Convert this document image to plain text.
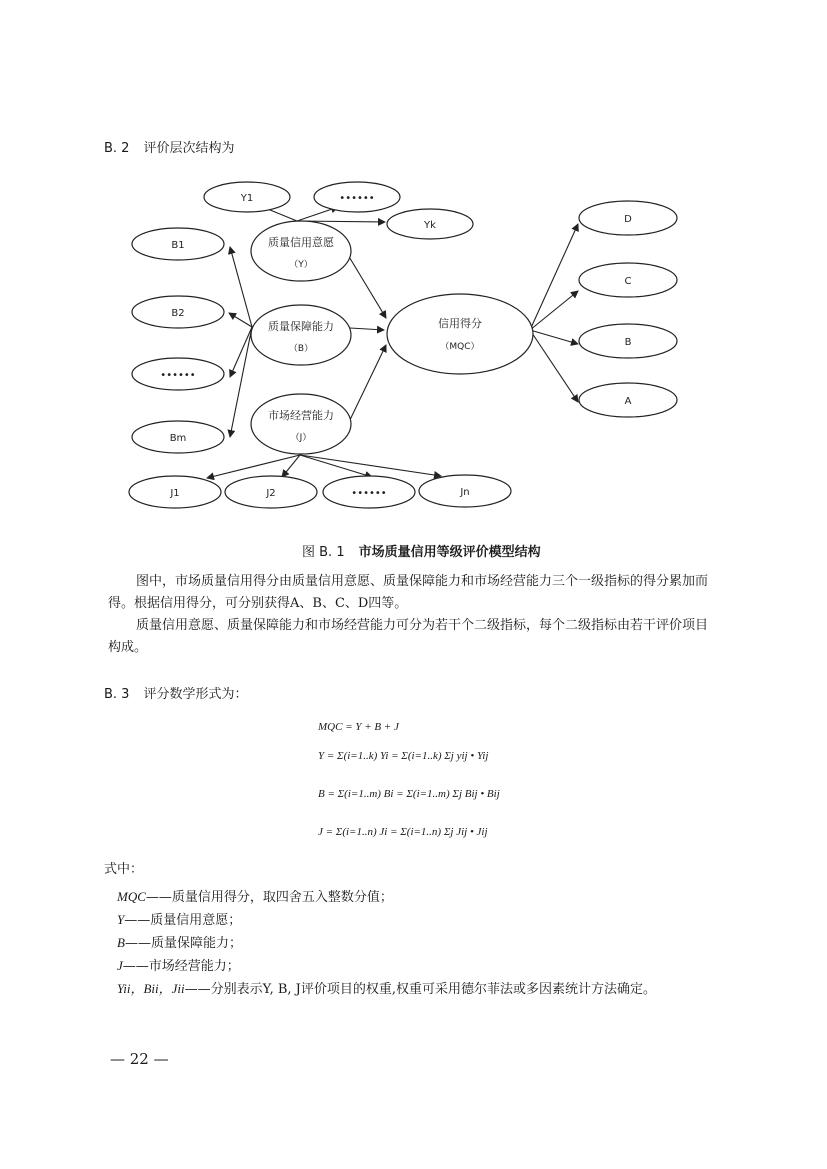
B. 2 评价层次结构为
Y1	••••••
Yk
B1
B2
••••••
Bm
质量信用意愿
（Y）
质量保障能力
（B）
市场经营能力
（J）
信用得分
（MQC）
D
C
B
A
J1	J2	••••••	Jn
图 B. 1 市场质量信用等级评价模型结构

图中，市场质量信用得分由质量信用意愿、质量保障能力和市场经营能力三个一级指标的得分累加而得。根据信用得分，可分别获得A、B、C、D四等。

质量信用意愿、质量保障能力和市场经营能力可分为若干个二级指标，每个二级指标由若干评价项目构成。

B. 3 评分数学形式为：
MQC = Y + B + J
Y = Σ(i=1..k) Yi = Σ(i=1..k) Σj yij • Yij
B = Σ(i=1..m) Bi = Σ(i=1..m) Σj Bij • Bij
J = Σ(i=1..n) Ji = Σ(i=1..n) Σj Jij • Jij
式中：
MQC——质量信用得分，取四舍五入整数分值；
Y——质量信用意愿；
B——质量保障能力；
J——市场经营能力；
Yii，Bii，Jii——分别表示Y, B, J评价项目的权重,权重可采用德尔菲法或多因素统计方法确定。
— 22 —
